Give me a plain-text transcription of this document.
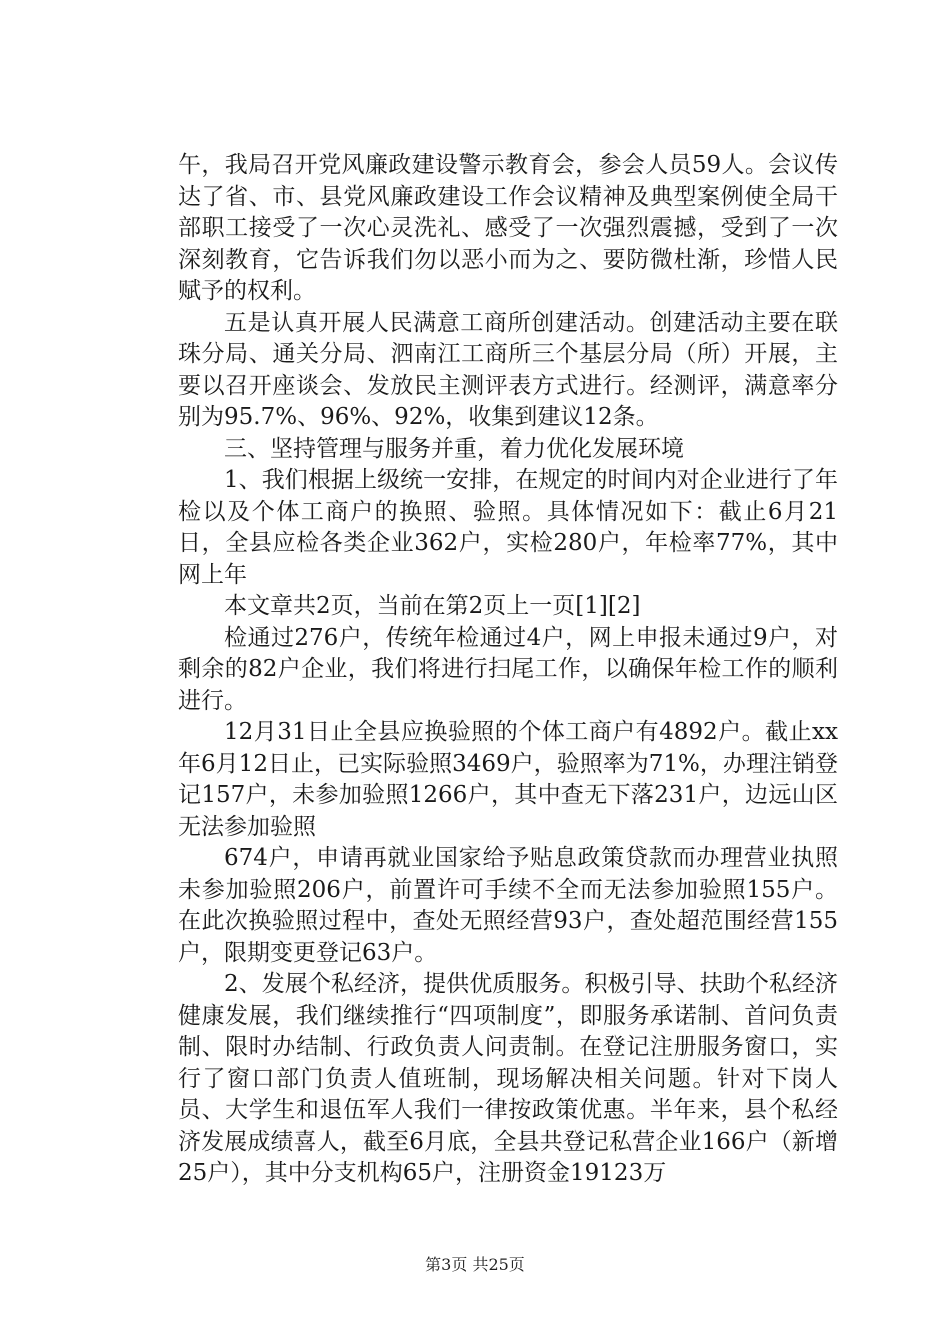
午，我局召开党风廉政建设警示教育会，参会人员59人。会议传达了省、市、县党风廉政建设工作会议精神及典型案例使全局干部职工接受了一次心灵洗礼、感受了一次强烈震撼，受到了一次深刻教育，它告诉我们勿以恶小而为之、要防微杜渐，珍惜人民赋予的权利。

五是认真开展人民满意工商所创建活动。创建活动主要在联珠分局、通关分局、泗南江工商所三个基层分局（所）开展，主要以召开座谈会、发放民主测评表方式进行。经测评，满意率分别为95.7%、96%、92%，收集到建议12条。

三、坚持管理与服务并重，着力优化发展环境

1、我们根据上级统一安排，在规定的时间内对企业进行了年检以及个体工商户的换照、验照。具体情况如下：截止6月21日，全县应检各类企业362户，实检280户，年检率77%，其中网上年

本文章共2页，当前在第2页上一页[1][2]

检通过276户，传统年检通过4户，网上申报未通过9户，对剩余的82户企业，我们将进行扫尾工作，以确保年检工作的顺利进行。

12月31日止全县应换验照的个体工商户有4892户。截止xx年6月12日止，已实际验照3469户，验照率为71%，办理注销登记157户，未参加验照1266户，其中查无下落231户，边远山区无法参加验照

674户，申请再就业国家给予贴息政策贷款而办理营业执照未参加验照206户，前置许可手续不全而无法参加验照155户。在此次换验照过程中，查处无照经营93户，查处超范围经营155户，限期变更登记63户。

2、发展个私经济，提供优质服务。积极引导、扶助个私经济健康发展，我们继续推行“四项制度”，即服务承诺制、首问负责制、限时办结制、行政负责人问责制。在登记注册服务窗口，实行了窗口部门负责人值班制，现场解决相关问题。针对下岗人员、大学生和退伍军人我们一律按政策优惠。半年来，县个私经济发展成绩喜人，截至6月底，全县共登记私营企业166户（新增25户），其中分支机构65户，注册资金19123万

第3页 共25页
